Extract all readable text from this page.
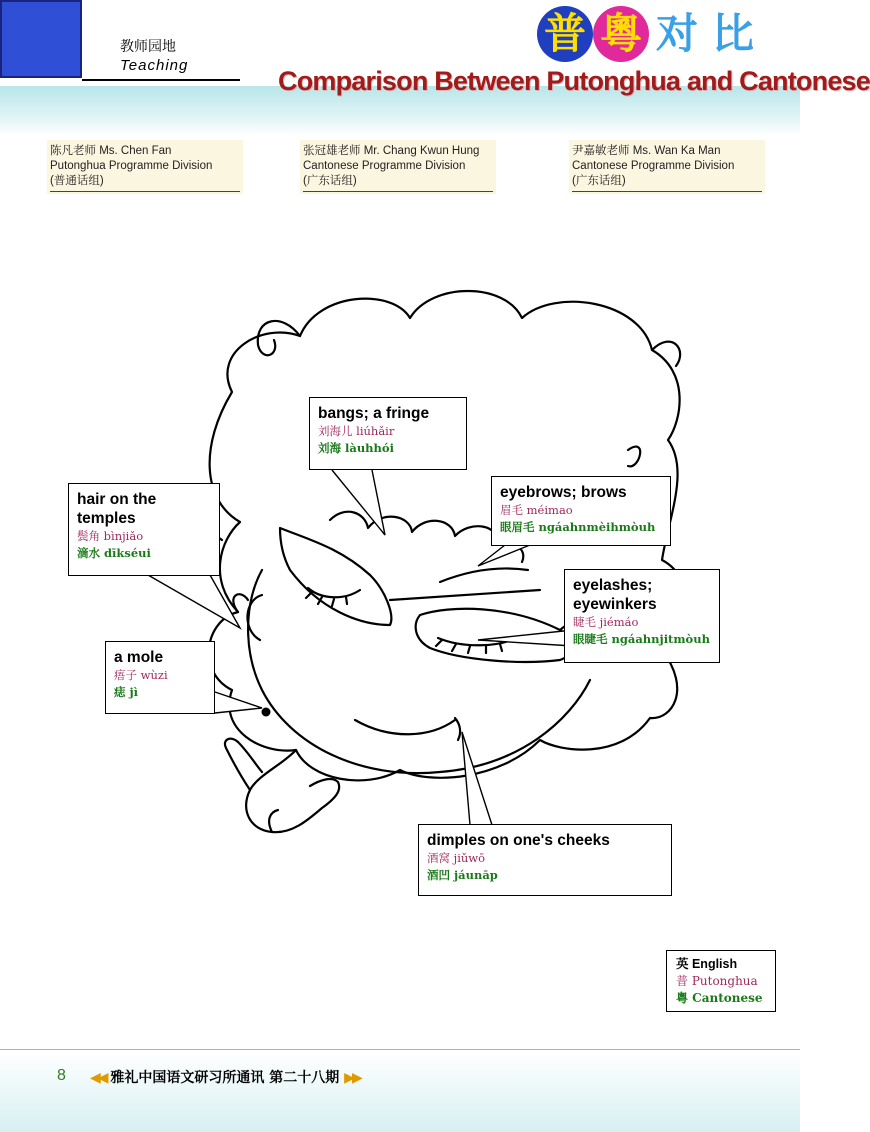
教师园地
Teaching
普 粵 对 比
Comparison Between Putonghua and Cantonese
陈凡老师 Ms. Chen Fan
Putonghua Programme Division
(普通话组)
张冠雄老师 Mr. Chang Kwun Hung
Cantonese Programme Division
(广东话组)
尹嘉敏老师 Ms. Wan Ka Man
Cantonese Programme Division
(广东话组)
bangs; a fringe
刘海儿 liúhǎir
刘海 làuhhói
hair on the temples
鬓角 bìnjiǎo
滴水 dīkséui
eyebrows; brows
眉毛 méimao
眼眉毛 ngáahnmèihmòuh
eyelashes; eyewinkers
睫毛 jiémáo
眼睫毛 ngáahnjitmòuh
a mole
痦子 wùzi
痣 jì
dimples on one's cheeks
酒窝 jiǔwō
酒凹 jáunāp
英 English
普 Putonghua
粵 Cantonese
8 ◀◀ 雅礼中国语文研习所通讯 第二十八期 ▶▶
